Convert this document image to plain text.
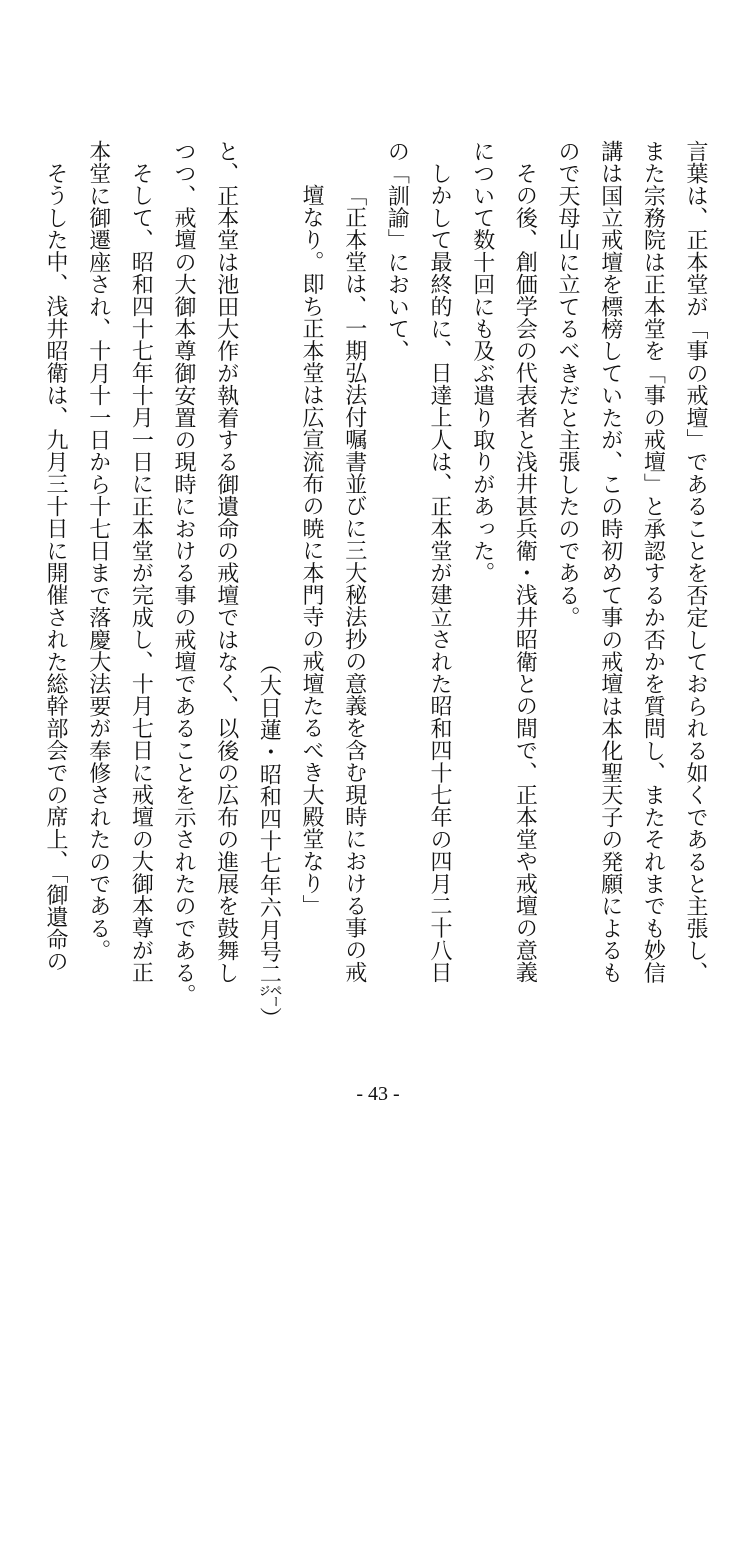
言葉は、正本堂が「事の戒壇」であることを否定しておられる如くであると主張し、
また宗務院は正本堂を「事の戒壇」と承認するか否かを質問し、またそれまでも妙信
講は国立戒壇を標榜していたが、この時初めて事の戒壇は本化聖天子の発願によるも
ので天母山に立てるべきだと主張したのである。
その後、創価学会の代表者と浅井甚兵衛・浅井昭衛との間で、正本堂や戒壇の意義
について数十回にも及ぶ遣り取りがあった。
しかして最終的に、日達上人は、正本堂が建立された昭和四十七年の四月二十八日
の「訓諭」において、
「正本堂は、一期弘法付嘱書並びに三大秘法抄の意義を含む現時における事の戒
壇なり。即ち正本堂は広宣流布の暁に本門寺の戒壇たるべき大殿堂なり」
（大日蓮・昭和四十七年六月号二㌻）
と、正本堂は池田大作が執着する御遺命の戒壇ではなく、以後の広布の進展を鼓舞し
つつ、戒壇の大御本尊御安置の現時における事の戒壇であることを示されたのである。
そして、昭和四十七年十月一日に正本堂が完成し、十月七日に戒壇の大御本尊が正
本堂に御遷座され、十月十一日から十七日まで落慶大法要が奉修されたのである。
そうした中、浅井昭衛は、九月三十日に開催された総幹部会での席上、「御遺命の
- 43 -
